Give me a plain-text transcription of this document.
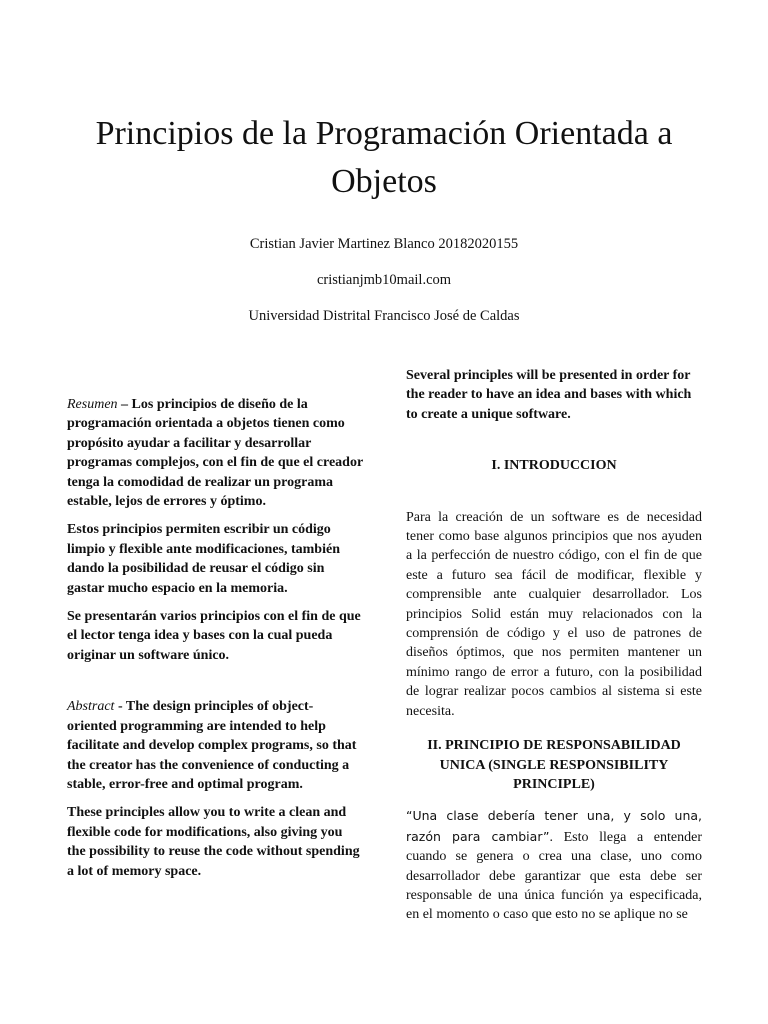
Principios de la Programación Orientada a Objetos

Cristian Javier Martinez Blanco 20182020155

cristianjmb10mail.com

Universidad Distrital Francisco José de Caldas

Resumen – Los principios de diseño de la programación orientada a objetos tienen como propósito ayudar a facilitar y desarrollar programas complejos, con el fin de que el creador tenga la comodidad de realizar un programa estable, lejos de errores y óptimo.

Estos principios permiten escribir un código limpio y flexible ante modificaciones, también dando la posibilidad de reusar el código sin gastar mucho espacio en la memoria.

Se presentarán varios principios con el fin de que el lector tenga idea y bases con la cual pueda originar un software único.

Abstract - The design principles of object-oriented programming are intended to help facilitate and develop complex programs, so that the creator has the convenience of conducting a stable, error-free and optimal program.

These principles allow you to write a clean and flexible code for modifications, also giving you the possibility to reuse the code without spending a lot of memory space.

Several principles will be presented in order for the reader to have an idea and bases with which to create a unique software.

I. INTRODUCCION

Para la creación de un software es de necesidad tener como base algunos principios que nos ayuden a la perfección de nuestro código, con el fin de que este a futuro sea fácil de modificar, flexible y comprensible ante cualquier desarrollador. Los principios Solid están muy relacionados con la comprensión de código y el uso de patrones de diseños óptimos, que nos permiten mantener un mínimo rango de error a futuro, con la posibilidad de lograr realizar pocos cambios al sistema si este necesita.

II. PRINCIPIO DE RESPONSABILIDAD UNICA (SINGLE RESPONSIBILITY PRINCIPLE)

“Una clase debería tener una, y solo una, razón para cambiar”. Esto llega a entender cuando se genera o crea una clase, uno como desarrollador debe garantizar que esta debe ser responsable de una única función ya especificada, en el momento o caso que esto no se aplique no se
